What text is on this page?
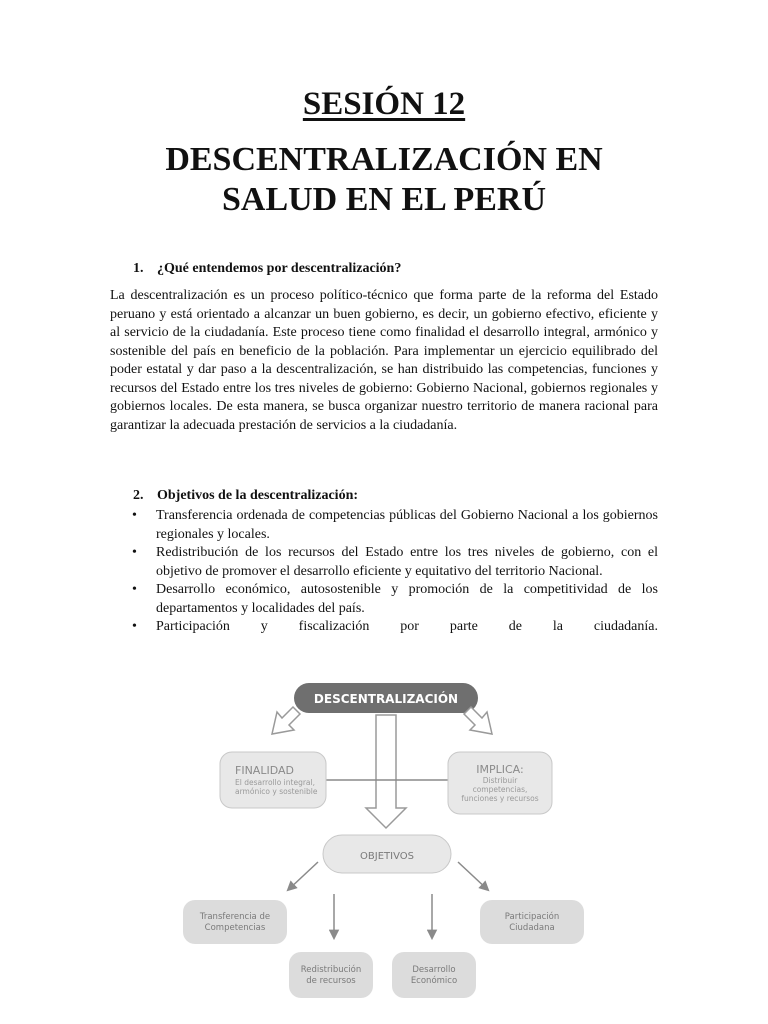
SESIÓN 12
DESCENTRALIZACIÓN EN
SALUD EN EL PERÚ
1. ¿Qué entendemos por descentralización?
La descentralización es un proceso político-técnico que forma parte de la reforma del Estado peruano y está orientado a alcanzar un buen gobierno, es decir, un gobierno efectivo, eficiente y al servicio de la ciudadanía. Este proceso tiene como finalidad el desarrollo integral, armónico y sostenible del país en beneficio de la población. Para implementar un ejercicio equilibrado del poder estatal y dar paso a la descentralización, se han distribuido las competencias, funciones y recursos del Estado entre los tres niveles de gobierno: Gobierno Nacional, gobiernos regionales y gobiernos locales. De esta manera, se busca organizar nuestro territorio de manera racional para garantizar la adecuada prestación de servicios a la ciudadanía.
2. Objetivos de la descentralización:
• Transferencia ordenada de competencias públicas del Gobierno Nacional a los gobiernos regionales y locales.
• Redistribución de los recursos del Estado entre los tres niveles de gobierno, con el objetivo de promover el desarrollo eficiente y equitativo del territorio Nacional.
• Desarrollo económico, autosostenible y promoción de la competitividad de los departamentos y localidades del país.
• Participación y fiscalización por parte de la ciudadanía.
DESCENTRALIZACIÓN
FINALIDAD
El desarrollo integral,
armónico y sostenible
IMPLICA:
Distribuir
competencias,
funciones y recursos
OBJETIVOS
Transferencia de
Competencias
Participación
Ciudadana
Redistribución
de recursos
Desarrollo
Económico
